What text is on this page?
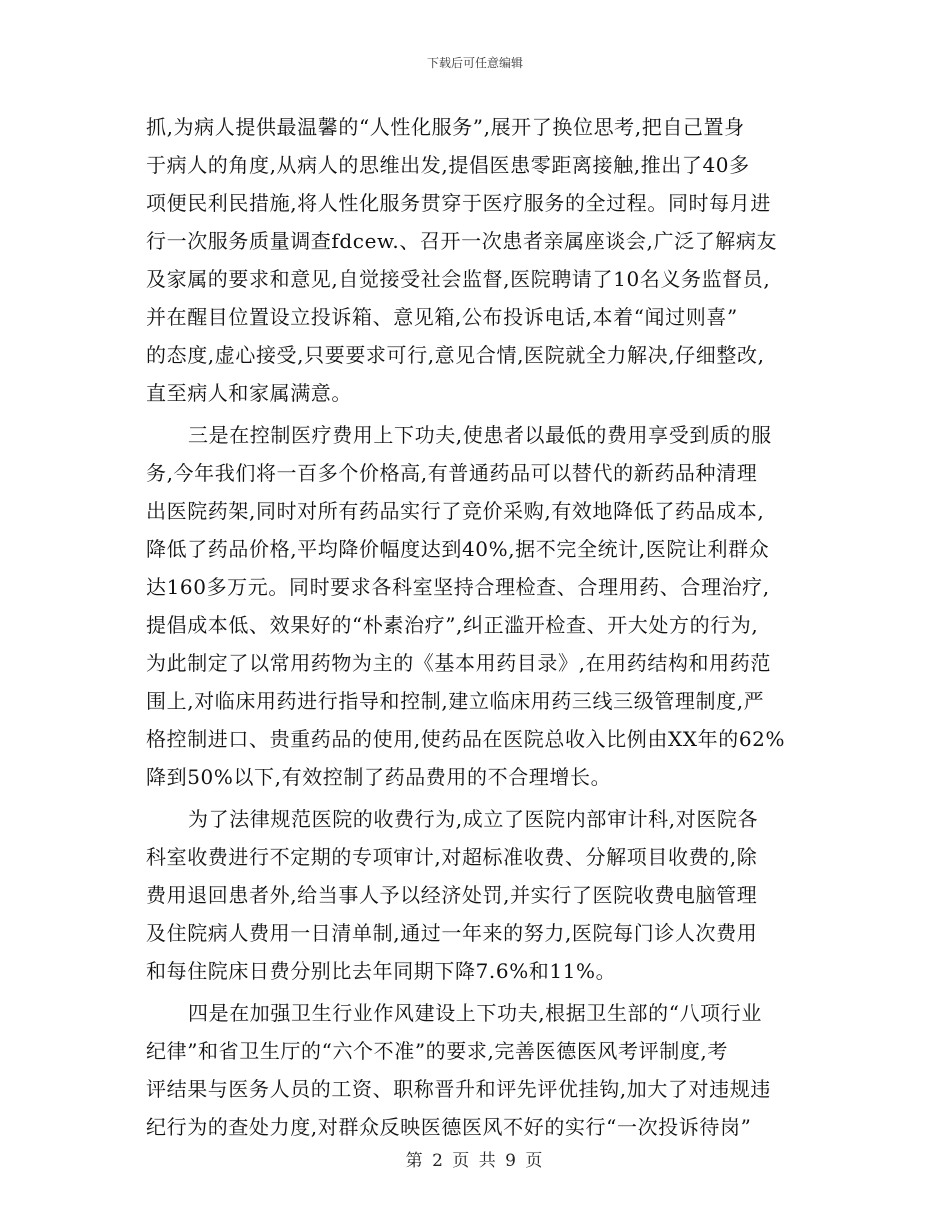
下载后可任意编辑
抓,为病人提供最温馨的“人性化服务”,展开了换位思考,把自己置身
于病人的角度,从病人的思维出发,提倡医患零距离接触,推出了40多
项便民利民措施,将人性化服务贯穿于医疗服务的全过程。同时每月进
行一次服务质量调查fdcew.、召开一次患者亲属座谈会,广泛了解病友
及家属的要求和意见,自觉接受社会监督,医院聘请了10名义务监督员,
并在醒目位置设立投诉箱、意见箱,公布投诉电话,本着“闻过则喜”
的态度,虚心接受,只要要求可行,意见合情,医院就全力解决,仔细整改,
直至病人和家属满意。
三是在控制医疗费用上下功夫,使患者以最低的费用享受到质的服
务,今年我们将一百多个价格高,有普通药品可以替代的新药品种清理
出医院药架,同时对所有药品实行了竞价采购,有效地降低了药品成本,
降低了药品价格,平均降价幅度达到40%,据不完全统计,医院让利群众
达160多万元。同时要求各科室坚持合理检查、合理用药、合理治疗,
提倡成本低、效果好的“朴素治疗”,纠正滥开检查、开大处方的行为,
为此制定了以常用药物为主的《基本用药目录》,在用药结构和用药范
围上,对临床用药进行指导和控制,建立临床用药三线三级管理制度,严
格控制进口、贵重药品的使用,使药品在医院总收入比例由XX年的62%
降到50%以下,有效控制了药品费用的不合理增长。
为了法律规范医院的收费行为,成立了医院内部审计科,对医院各
科室收费进行不定期的专项审计,对超标准收费、分解项目收费的,除
费用退回患者外,给当事人予以经济处罚,并实行了医院收费电脑管理
及住院病人费用一日清单制,通过一年来的努力,医院每门诊人次费用
和每住院床日费分别比去年同期下降7.6%和11%。
四是在加强卫生行业作风建设上下功夫,根据卫生部的“八项行业
纪律”和省卫生厅的“六个不准”的要求,完善医德医风考评制度,考
评结果与医务人员的工资、职称晋升和评先评优挂钩,加大了对违规违
纪行为的查处力度,对群众反映医德医风不好的实行“一次投诉待岗”
第 2 页 共 9 页
